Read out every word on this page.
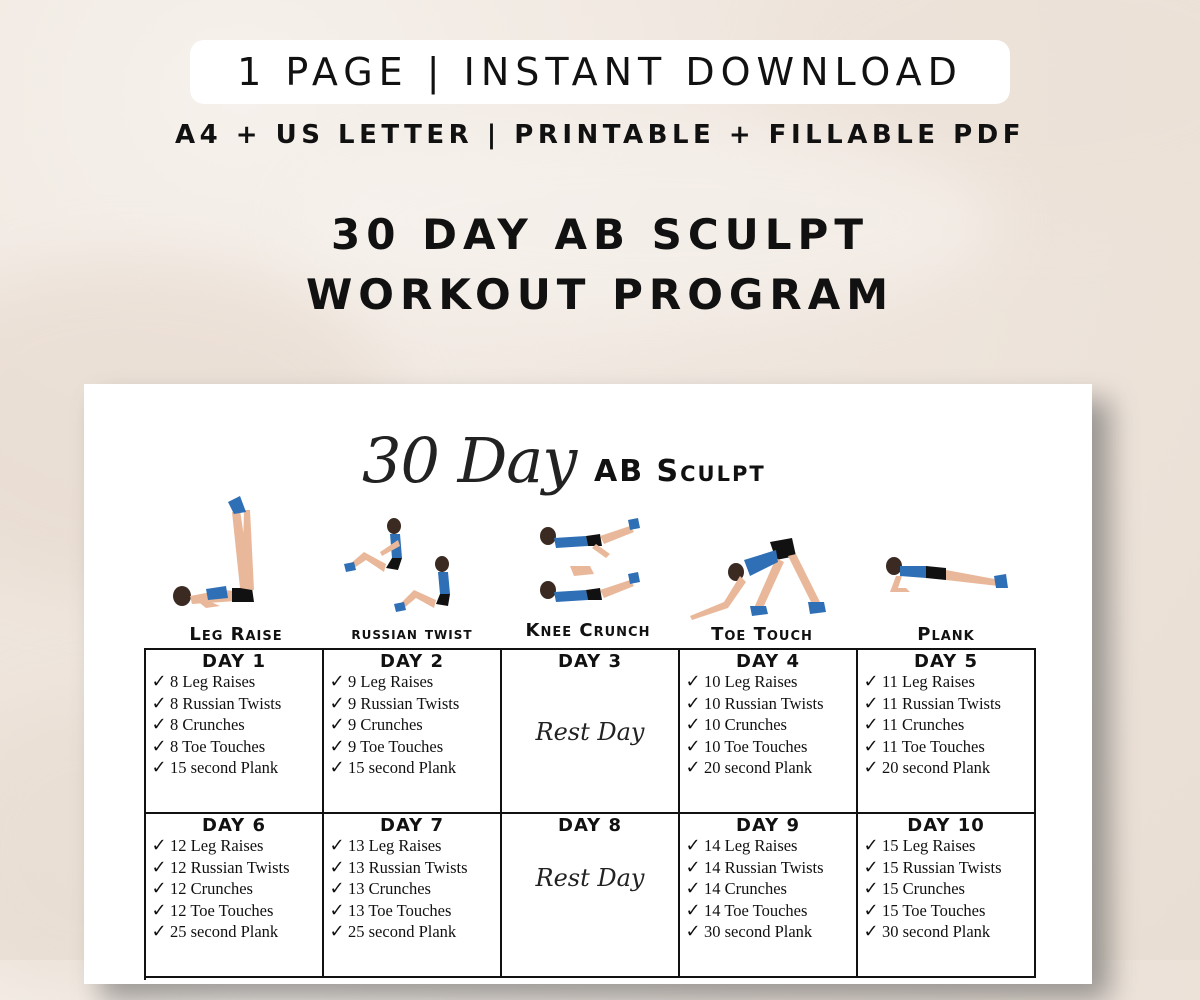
1 PAGE | INSTANT DOWNLOAD
A4 + US LETTER | PRINTABLE + FILLABLE PDF
30 DAY AB SCULPT
WORKOUT PROGRAM
30 Day AB Sculpt
Leg Raise	russian twist	Knee Crunch	Toe Touch	Plank
DAY 1
✓ 8 Leg Raises
✓ 8 Russian Twists
✓ 8 Crunches
✓ 8 Toe Touches
✓ 15 second Plank
DAY 2
✓ 9 Leg Raises
✓ 9 Russian Twists
✓ 9 Crunches
✓ 9 Toe Touches
✓ 15 second Plank
DAY 3
Rest Day
DAY 4
✓ 10 Leg Raises
✓ 10 Russian Twists
✓ 10 Crunches
✓ 10 Toe Touches
✓ 20 second Plank
DAY 5
✓ 11 Leg Raises
✓ 11 Russian Twists
✓ 11 Crunches
✓ 11 Toe Touches
✓ 20 second Plank
DAY 6
✓ 12 Leg Raises
✓ 12 Russian Twists
✓ 12 Crunches
✓ 12 Toe Touches
✓ 25 second Plank
DAY 7
✓ 13 Leg Raises
✓ 13 Russian Twists
✓ 13 Crunches
✓ 13 Toe Touches
✓ 25 second Plank
DAY 8
Rest Day
DAY 9
✓ 14 Leg Raises
✓ 14 Russian Twists
✓ 14 Crunches
✓ 14 Toe Touches
✓ 30 second Plank
DAY 10
✓ 15 Leg Raises
✓ 15 Russian Twists
✓ 15 Crunches
✓ 15 Toe Touches
✓ 30 second Plank
